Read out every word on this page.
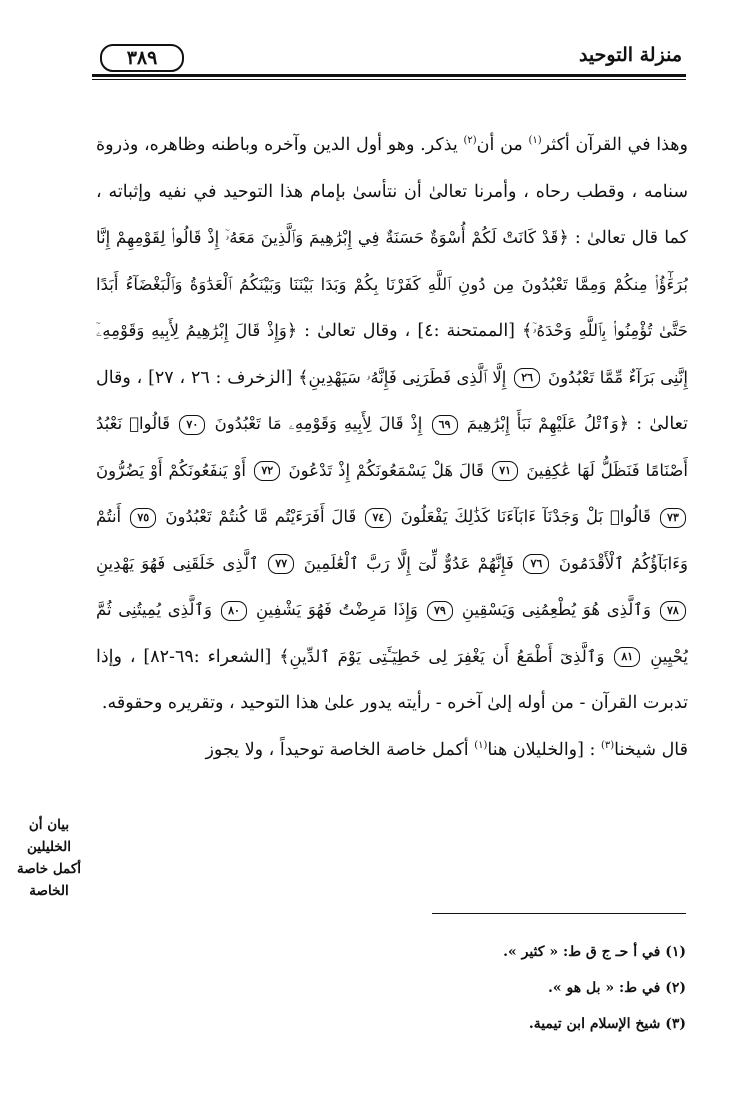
منزلة التوحيد
٣٨٩

وهذا في القرآن أكثر$^{(١)}$ من أن$^{(٢)}$ يذكر. وهو أول الدين وآخره وباطنه وظاهره، وذروة سنامه ، وقطب رحاه ، وأمرنا تعالىٰ أن نتأسىٰ بإمام هذا التوحيد في نفيه وإثباته ، كما قال تعالىٰ : ﴿قَدْ كَانَتْ لَكُمْ أُسْوَةٌ حَسَنَةٌ فِي إِبْرَٰهِيمَ وَٱلَّذِينَ مَعَهُۥٓ إِذْ قَالُوا۟ لِقَوْمِهِمْ إِنَّا بُرَءَٰٓؤُا۟ مِنكُمْ وَمِمَّا تَعْبُدُونَ مِن دُونِ ٱللَّهِ كَفَرْنَا بِكُمْ وَبَدَا بَيْنَنَا وَبَيْنَكُمُ ٱلْعَدَٰوَةُ وَٱلْبَغْضَآءُ أَبَدًا حَتَّىٰ تُؤْمِنُوا۟ بِٱللَّهِ وَحْدَهُۥٓ﴾ [الممتحنة :٤] ، وقال تعالىٰ : ﴿وَإِذْ قَالَ إِبْرَٰهِيمُ لِأَبِيهِ وَقَوْمِهِۦٓ إِنَّنِى بَرَآءٌ مِّمَّا تَعْبُدُونَ ٢٦ إِلَّا ٱلَّذِى فَطَرَنِى فَإِنَّهُۥ سَيَهْدِينِ﴾ [الزخرف : ٢٦ ، ٢٧] ، وقال تعالىٰ : ﴿وَٱتْلُ عَلَيْهِمْ نَبَأَ إِبْرَٰهِيمَ ٦٩ إِذْ قَالَ لِأَبِيهِ وَقَوْمِهِۦ مَا تَعْبُدُونَ ٧٠ قَالُوا۟ نَعْبُدُ أَصْنَامًا فَنَظَلُّ لَهَا عَٰكِفِينَ ٧١ قَالَ هَلْ يَسْمَعُونَكُمْ إِذْ تَدْعُونَ ٧٢ أَوْ يَنفَعُونَكُمْ أَوْ يَضُرُّونَ ٧٣ قَالُوا۟ بَلْ وَجَدْنَآ ءَابَآءَنَا كَذَٰلِكَ يَفْعَلُونَ ٧٤ قَالَ أَفَرَءَيْتُم مَّا كُنتُمْ تَعْبُدُونَ ٧٥ أَنتُمْ وَءَابَآؤُكُمُ ٱلْأَقْدَمُونَ ٧٦ فَإِنَّهُمْ عَدُوٌّ لِّىٓ إِلَّا رَبَّ ٱلْعَٰلَمِينَ ٧٧ ٱلَّذِى خَلَقَنِى فَهُوَ يَهْدِينِ ٧٨ وَٱلَّذِى هُوَ يُطْعِمُنِى وَيَسْقِينِ ٧٩ وَإِذَا مَرِضْتُ فَهُوَ يَشْفِينِ ٨٠ وَٱلَّذِى يُمِيتُنِى ثُمَّ يُحْيِينِ ٨١ وَٱلَّذِىٓ أَطْمَعُ أَن يَغْفِرَ لِى خَطِيٓـَٔتِى يَوْمَ ٱلدِّينِ﴾ [الشعراء :٦٩-٨٢] ، وإذا تدبرت القرآن - من أوله إلىٰ آخره - رأيته يدور علىٰ هذا التوحيد ، وتقريره وحقوقه.

قال شيخنا$^{(٣)}$ : [والخليلان هنا$^{(١)}$ أكمل خاصة الخاصة توحيداً ، ولا يجوز

بيان أن
الخليلين
أكمل خاصة
الخاصة
(١) في أ حـ ج ق ط: « كثير ».
(٢) في ط: « بل هو ».
(٣) شيخ الإسلام ابن تيمية.
